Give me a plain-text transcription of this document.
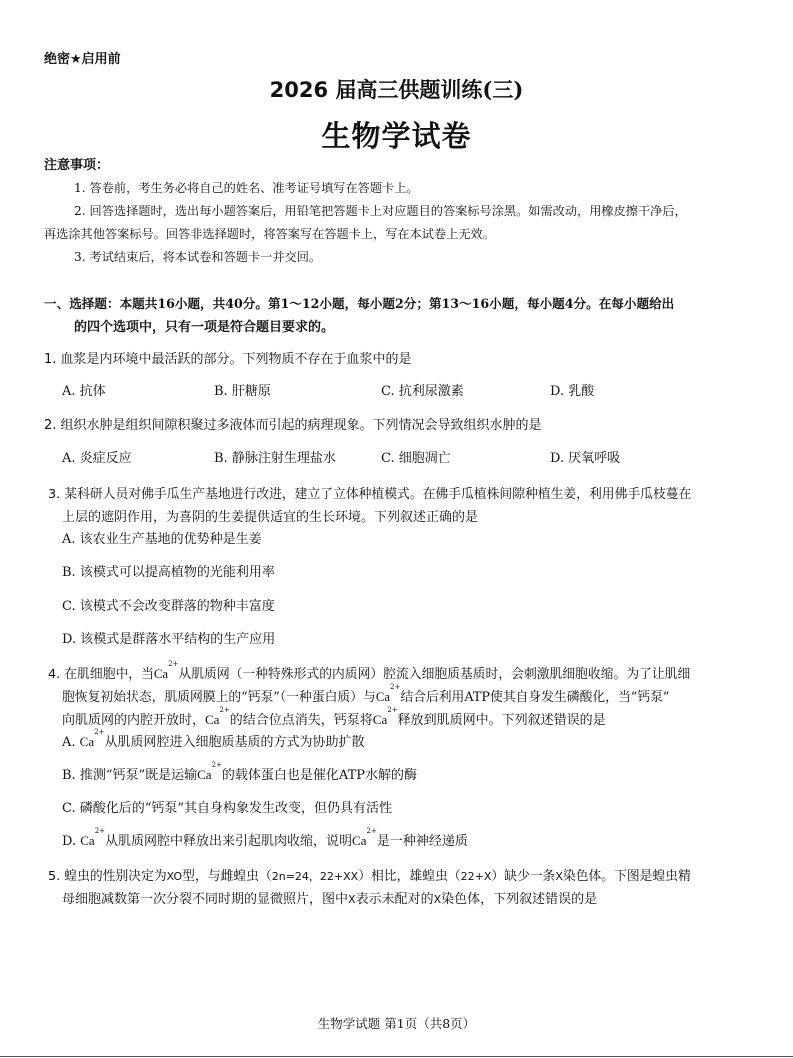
绝密★启用前
2026 届高三供题训练(三)
生物学试卷
注意事项：
1. 答卷前，考生务必将自己的姓名、准考证号填写在答题卡上。
2. 回答选择题时，选出每小题答案后，用铅笔把答题卡上对应题目的答案标号涂黑。如需改动，用橡皮擦干净后，
再选涂其他答案标号。回答非选择题时，将答案写在答题卡上，写在本试卷上无效。
3. 考试结束后，将本试卷和答题卡一并交回。
一、选择题：本题共16小题，共40分。第1～12小题，每小题2分；第13～16小题，每小题4分。在每小题给出
的四个选项中，只有一项是符合题目要求的。
1. 血浆是内环境中最活跃的部分。下列物质不存在于血浆中的是
A. 抗体	B. 肝糖原	C. 抗利尿激素	D. 乳酸
2. 组织水肿是组织间隙积聚过多液体而引起的病理现象。下列情况会导致组织水肿的是
A. 炎症反应	B. 静脉注射生理盐水	C. 细胞凋亡	D. 厌氧呼吸
3. 某科研人员对佛手瓜生产基地进行改进，建立了立体种植模式。在佛手瓜植株间隙种植生姜，利用佛手瓜枝蔓在
上层的遮阴作用，为喜阴的生姜提供适宜的生长环境。下列叙述正确的是
A. 该农业生产基地的优势种是生姜
B. 该模式可以提高植物的光能利用率
C. 该模式不会改变群落的物种丰富度
D. 该模式是群落水平结构的生产应用
4. 在肌细胞中，当$Ca^{2+}$从肌质网（一种特殊形式的内质网）腔流入细胞质基质时，会刺激肌细胞收缩。为了让肌细
胞恢复初始状态，肌质网膜上的“钙泵”（一种蛋白质）与$Ca^{2+}$结合后利用ATP使其自身发生磷酸化，当“钙泵”
向肌质网的内腔开放时，$Ca^{2+}$的结合位点消失，钙泵将$Ca^{2+}$释放到肌质网中。下列叙述错误的是
A. $Ca^{2+}$从肌质网腔进入细胞质基质的方式为协助扩散
B. 推测“钙泵”既是运输$Ca^{2+}$的载体蛋白也是催化ATP水解的酶
C. 磷酸化后的“钙泵”其自身构象发生改变，但仍具有活性
D. $Ca^{2+}$从肌质网腔中释放出来引起肌肉收缩，说明$Ca^{2+}$是一种神经递质
5. 蝗虫的性别决定为XO型，与雌蝗虫（2n=24，22+XX）相比，雄蝗虫（22+X）缺少一条X染色体。下图是蝗虫精
母细胞减数第一次分裂不同时期的显微照片，图中X表示未配对的X染色体，下列叙述错误的是
生物学试题 第1页（共8页）
